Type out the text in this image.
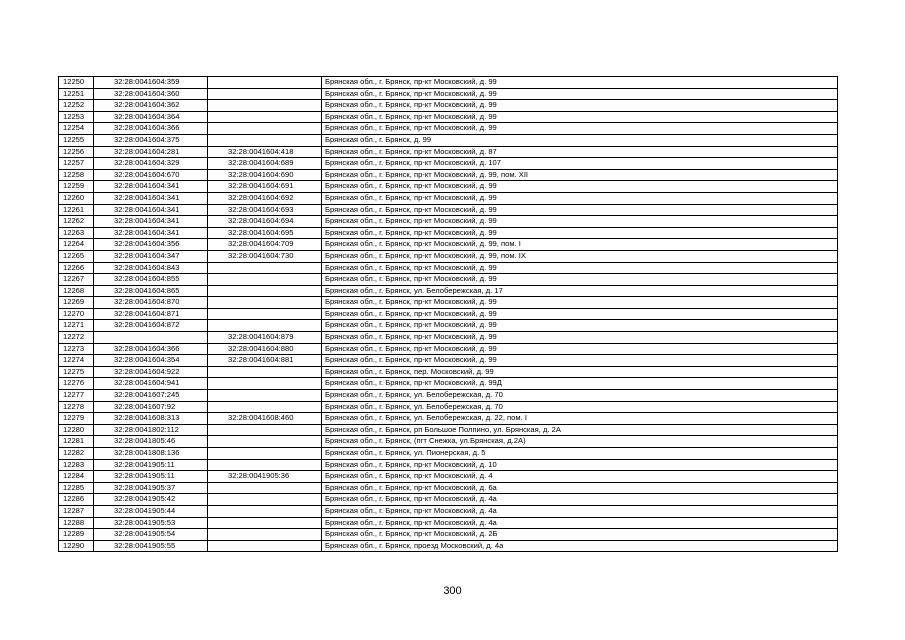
12250	32:28:0041604:359		Брянская обл., г. Брянск, пр-кт Московский, д. 99
12251	32:28:0041604:360		Брянская обл., г. Брянск, пр-кт Московский, д. 99
12252	32:28:0041604:362		Брянская обл., г. Брянск, пр-кт Московский, д. 99
12253	32:28:0041604:364		Брянская обл., г. Брянск, пр-кт Московский, д. 99
12254	32:28:0041604:366		Брянская обл., г. Брянск, пр-кт Московский, д. 99
12255	32:28:0041604:375		Брянская обл., г. Брянск, д. 99
12256	32:28:0041604:281	32:28:0041604:418	Брянская обл., г. Брянск, пр-кт Московский, д. 87
12257	32:28:0041604:329	32:28:0041604:689	Брянская обл., г. Брянск, пр-кт Московский, д. 107
12258	32:28:0041604:670	32:28:0041604:690	Брянская обл., г. Брянск, пр-кт Московский, д. 99, пом. XII
12259	32:28:0041604:341	32:28:0041604:691	Брянская обл., г. Брянск, пр-кт Московский, д. 99
12260	32:28:0041604:341	32:28:0041604:692	Брянская обл., г. Брянск, пр-кт Московский, д. 99
12261	32:28:0041604:341	32:28:0041604:693	Брянская обл., г. Брянск, пр-кт Московский, д. 99
12262	32:28:0041604:341	32:28:0041604:694	Брянская обл., г. Брянск, пр-кт Московский, д. 99
12263	32:28:0041604:341	32:28:0041604:695	Брянская обл., г. Брянск, пр-кт Московский, д. 99
12264	32:28:0041604:356	32:28:0041604:709	Брянская обл., г. Брянск, пр-кт Московский, д. 99, пом. I
12265	32:28:0041604:347	32:28:0041604:730	Брянская обл., г. Брянск, пр-кт Московский, д. 99, пом. IX
12266	32:28:0041604:843		Брянская обл., г. Брянск, пр-кт Московский, д. 99
12267	32:28:0041604:855		Брянская обл., г. Брянск, пр-кт Московский, д. 99
12268	32:28:0041604:865		Брянская обл., г. Брянск, ул. Белобережская, д. 17
12269	32:28:0041604:870		Брянская обл., г. Брянск, пр-кт Московский, д. 99
12270	32:28:0041604:871		Брянская обл., г. Брянск, пр-кт Московский, д. 99
12271	32:28:0041604:872		Брянская обл., г. Брянск, пр-кт Московский, д. 99
12272		32:28:0041604:879	Брянская обл., г. Брянск, пр-кт Московский, д. 99
12273	32:28:0041604:366	32:28:0041604:880	Брянская обл., г. Брянск, пр-кт Московский, д. 99
12274	32:28:0041604:354	32:28:0041604:881	Брянская обл., г. Брянск, пр-кт Московский, д. 99
12275	32:28:0041604:922		Брянская обл., г. Брянск, пер. Московский, д. 99
12276	32:28:0041604:941		Брянская обл., г. Брянск, пр-кт Московский, д. 99Д
12277	32:28:0041607:245		Брянская обл., г. Брянск, ул. Белобережская, д. 70
12278	32:28:0041607:92		Брянская обл., г. Брянск, ул. Белобережская, д. 70
12279	32:28:0041608:313	32:28:0041608:460	Брянская обл., г. Брянск, ул. Белобережская, д. 22, пом. I
12280	32:28:0041802:112		Брянская обл., г. Брянск, рп Большое Полпино, ул. Брянская, д. 2А
12281	32:28:0041805:46		Брянская обл., г. Брянск, (пгт Снежка, ул.Брянская, д.2А)
12282	32:28:0041808:136		Брянская обл., г. Брянск, ул. Пионерская, д. 5
12283	32:28:0041905:11		Брянская обл., г. Брянск, пр-кт Московский, д. 10
12284	32:28:0041905:11	32:28:0041905:36	Брянская обл., г. Брянск, пр-кт Московский, д. 4
12285	32:28:0041905:37		Брянская обл., г. Брянск, пр-кт Московский, д. 6а
12286	32:28:0041905:42		Брянская обл., г. Брянск, пр-кт Московский, д. 4а
12287	32:28:0041905:44		Брянская обл., г. Брянск, пр-кт Московский, д. 4а
12288	32:28:0041905:53		Брянская обл., г. Брянск, пр-кт Московский, д. 4а
12289	32:28:0041905:54		Брянская обл., г. Брянск, пр-кт Московский, д. 2Б
12290	32:28:0041905:55		Брянская обл., г. Брянск, проезд Московский, д. 4а
300
